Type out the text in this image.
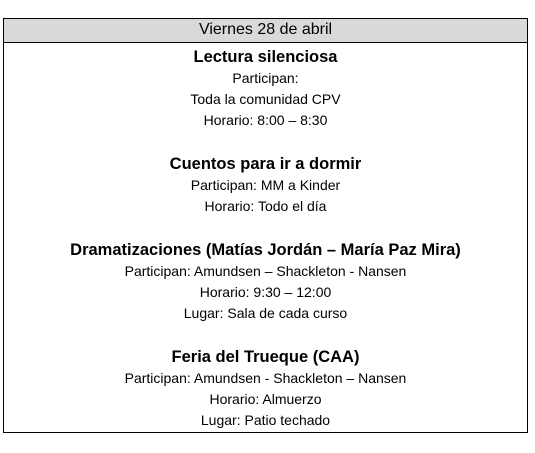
Viernes 28 de abril
Lectura silenciosa
Participan:
Toda la comunidad CPV
Horario: 8:00 – 8:30
Cuentos para ir a dormir
Participan: MM a Kinder
Horario: Todo el día
Dramatizaciones (Matías Jordán – María Paz Mira)
Participan: Amundsen – Shackleton - Nansen
Horario: 9:30 – 12:00
Lugar: Sala de cada curso
Feria del Trueque (CAA)
Participan: Amundsen - Shackleton – Nansen
Horario: Almuerzo
Lugar: Patio techado
